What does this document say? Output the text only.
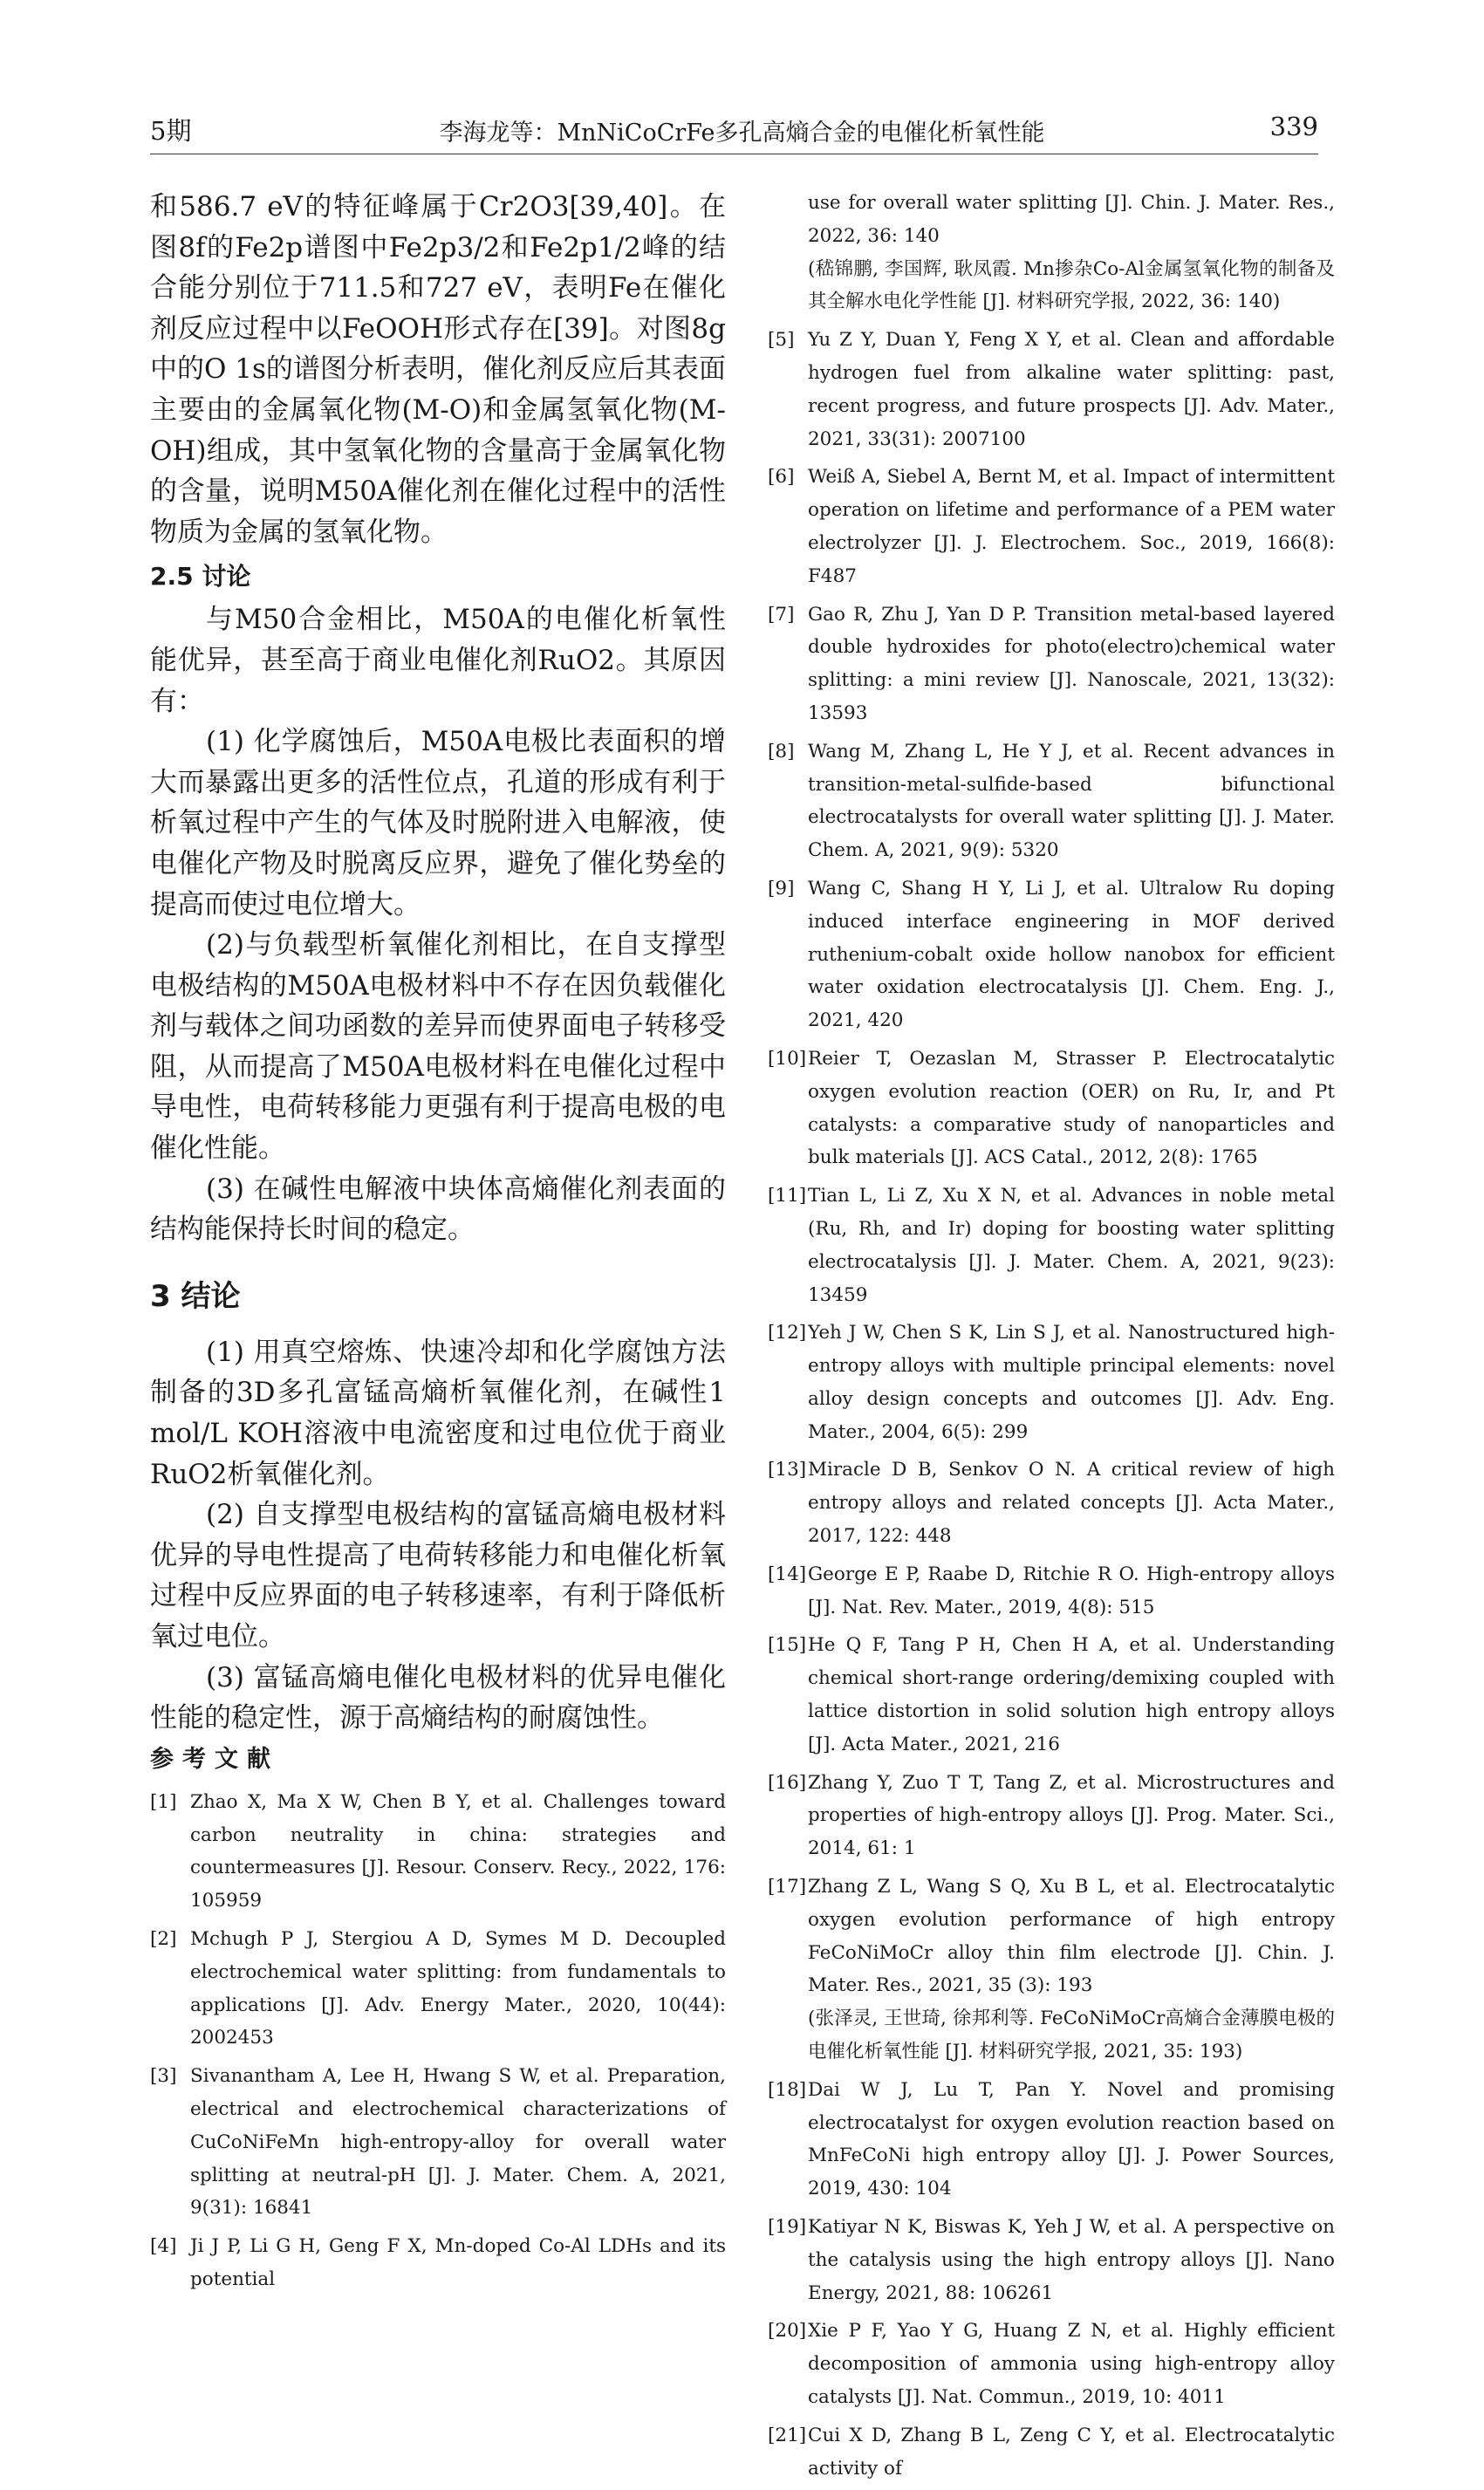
5期	李海龙等：MnNiCoCrFe多孔高熵合金的电催化析氧性能	339

和586.7 eV的特征峰属于Cr2O3[39,40]。在图8f的Fe2p谱图中Fe2p3/2和Fe2p1/2峰的结合能分别位于711.5和727 eV，表明Fe在催化剂反应过程中以FeOOH形式存在[39]。对图8g中的O 1s的谱图分析表明，催化剂反应后其表面主要由的金属氧化物(M-O)和金属氢氧化物(M-OH)组成，其中氢氧化物的含量高于金属氧化物的含量，说明M50A催化剂在催化过程中的活性物质为金属的氢氧化物。

2.5 讨论

与M50合金相比，M50A的电催化析氧性能优异，甚至高于商业电催化剂RuO2。其原因有：

(1) 化学腐蚀后，M50A电极比表面积的增大而暴露出更多的活性位点，孔道的形成有利于析氧过程中产生的气体及时脱附进入电解液，使电催化产物及时脱离反应界，避免了催化势垒的提高而使过电位增大。

(2)与负载型析氧催化剂相比，在自支撑型电极结构的M50A电极材料中不存在因负载催化剂与载体之间功函数的差异而使界面电子转移受阻，从而提高了M50A电极材料在电催化过程中导电性，电荷转移能力更强有利于提高电极的电催化性能。

(3) 在碱性电解液中块体高熵催化剂表面的结构能保持长时间的稳定。

3 结论

(1) 用真空熔炼、快速冷却和化学腐蚀方法制备的3D多孔富锰高熵析氧催化剂，在碱性1 mol/L KOH溶液中电流密度和过电位优于商业RuO2析氧催化剂。

(2) 自支撑型电极结构的富锰高熵电极材料优异的导电性提高了电荷转移能力和电催化析氧过程中反应界面的电子转移速率，有利于降低析氧过电位。

(3) 富锰高熵电催化电极材料的优异电催化性能的稳定性，源于高熵结构的耐腐蚀性。

参考文献
[1] Zhao X, Ma X W, Chen B Y, et al. Challenges toward carbon neutrality in china: strategies and countermeasures [J]. Resour. Conserv. Recy., 2022, 176: 105959
[2] Mchugh P J, Stergiou A D, Symes M D. Decoupled electrochemical water splitting: from fundamentals to applications [J]. Adv. Energy Mater., 2020, 10(44): 2002453
[3] Sivanantham A, Lee H, Hwang S W, et al. Preparation, electrical and electrochemical characterizations of CuCoNiFeMn high-entropy-alloy for overall water splitting at neutral-pH [J]. J. Mater. Chem. A, 2021, 9(31): 16841
[4] Ji J P, Li G H, Geng F X, Mn-doped Co-Al LDHs and its potential
use for overall water splitting [J]. Chin. J. Mater. Res., 2022, 36: 140
(嵇锦鹏, 李国辉, 耿凤霞. Mn掺杂Co-Al金属氢氧化物的制备及其全解水电化学性能 [J]. 材料研究学报, 2022, 36: 140)
[5] Yu Z Y, Duan Y, Feng X Y, et al. Clean and affordable hydrogen fuel from alkaline water splitting: past, recent progress, and future prospects [J]. Adv. Mater., 2021, 33(31): 2007100
[6] Weiß A, Siebel A, Bernt M, et al. Impact of intermittent operation on lifetime and performance of a PEM water electrolyzer [J]. J. Electrochem. Soc., 2019, 166(8): F487
[7] Gao R, Zhu J, Yan D P. Transition metal-based layered double hydroxides for photo(electro)chemical water splitting: a mini review [J]. Nanoscale, 2021, 13(32): 13593
[8] Wang M, Zhang L, He Y J, et al. Recent advances in transition-metal-sulfide-based bifunctional electrocatalysts for overall water splitting [J]. J. Mater. Chem. A, 2021, 9(9): 5320
[9] Wang C, Shang H Y, Li J, et al. Ultralow Ru doping induced interface engineering in MOF derived ruthenium-cobalt oxide hollow nanobox for efficient water oxidation electrocatalysis [J]. Chem. Eng. J., 2021, 420
[10] Reier T, Oezaslan M, Strasser P. Electrocatalytic oxygen evolution reaction (OER) on Ru, Ir, and Pt catalysts: a comparative study of nanoparticles and bulk materials [J]. ACS Catal., 2012, 2(8): 1765
[11] Tian L, Li Z, Xu X N, et al. Advances in noble metal (Ru, Rh, and Ir) doping for boosting water splitting electrocatalysis [J]. J. Mater. Chem. A, 2021, 9(23): 13459
[12] Yeh J W, Chen S K, Lin S J, et al. Nanostructured high-entropy alloys with multiple principal elements: novel alloy design concepts and outcomes [J]. Adv. Eng. Mater., 2004, 6(5): 299
[13] Miracle D B, Senkov O N. A critical review of high entropy alloys and related concepts [J]. Acta Mater., 2017, 122: 448
[14] George E P, Raabe D, Ritchie R O. High-entropy alloys [J]. Nat. Rev. Mater., 2019, 4(8): 515
[15] He Q F, Tang P H, Chen H A, et al. Understanding chemical short-range ordering/demixing coupled with lattice distortion in solid solution high entropy alloys [J]. Acta Mater., 2021, 216
[16] Zhang Y, Zuo T T, Tang Z, et al. Microstructures and properties of high-entropy alloys [J]. Prog. Mater. Sci., 2014, 61: 1
[17] Zhang Z L, Wang S Q, Xu B L, et al. Electrocatalytic oxygen evolution performance of high entropy FeCoNiMoCr alloy thin film electrode [J]. Chin. J. Mater. Res., 2021, 35 (3): 193
(张泽灵, 王世琦, 徐邦利等. FeCoNiMoCr高熵合金薄膜电极的电催化析氧性能 [J]. 材料研究学报, 2021, 35: 193)
[18] Dai W J, Lu T, Pan Y. Novel and promising electrocatalyst for oxygen evolution reaction based on MnFeCoNi high entropy alloy [J]. J. Power Sources, 2019, 430: 104
[19] Katiyar N K, Biswas K, Yeh J W, et al. A perspective on the catalysis using the high entropy alloys [J]. Nano Energy, 2021, 88: 106261
[20] Xie P F, Yao Y G, Huang Z N, et al. Highly efficient decomposition of ammonia using high-entropy alloy catalysts [J]. Nat. Commun., 2019, 10: 4011
[21] Cui X D, Zhang B L, Zeng C Y, et al. Electrocatalytic activity of
